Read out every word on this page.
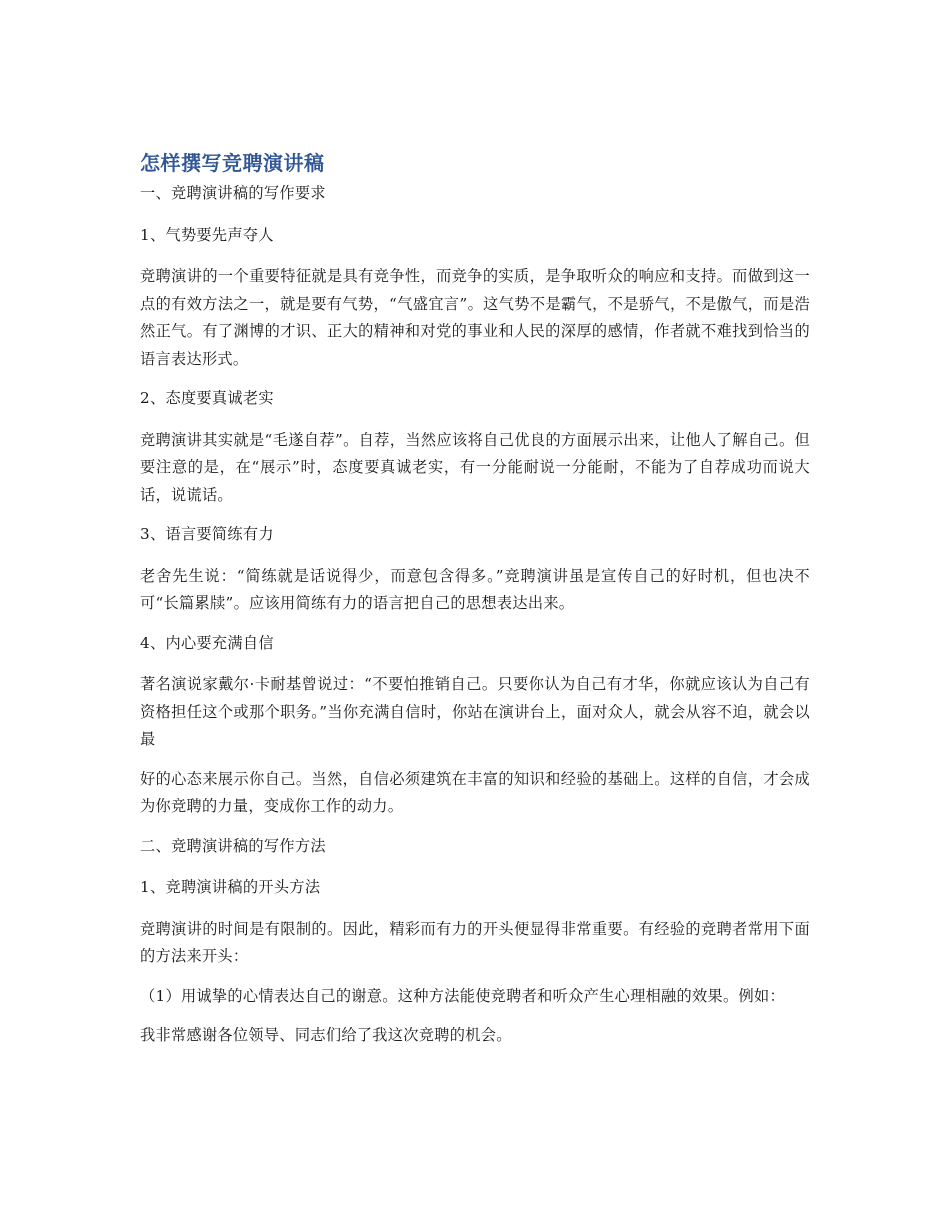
怎样撰写竞聘演讲稿

一、竞聘演讲稿的写作要求

1、气势要先声夺人

竞聘演讲的一个重要特征就是具有竞争性，而竞争的实质，是争取听众的响应和支持。而做到这一点的有效方法之一，就是要有气势，“气盛宜言”。这气势不是霸气，不是骄气，不是傲气，而是浩然正气。有了渊博的才识、正大的精神和对党的事业和人民的深厚的感情，作者就不难找到恰当的语言表达形式。

2、态度要真诚老实

竞聘演讲其实就是“毛遂自荐”。自荐，当然应该将自己优良的方面展示出来，让他人了解自己。但要注意的是，在“展示”时，态度要真诚老实，有一分能耐说一分能耐，不能为了自荐成功而说大话，说谎话。

3、语言要简练有力

老舍先生说：“简练就是话说得少，而意包含得多。”竞聘演讲虽是宣传自己的好时机，但也决不可“长篇累牍”。应该用简练有力的语言把自己的思想表达出来。

4、内心要充满自信

著名演说家戴尔·卡耐基曾说过：“不要怕推销自己。只要你认为自己有才华，你就应该认为自己有资格担任这个或那个职务。”当你充满自信时，你站在演讲台上，面对众人，就会从容不迫，就会以最

好的心态来展示你自己。当然，自信必须建筑在丰富的知识和经验的基础上。这样的自信，才会成为你竞聘的力量，变成你工作的动力。

二、竞聘演讲稿的写作方法

1、竞聘演讲稿的开头方法

竞聘演讲的时间是有限制的。因此，精彩而有力的开头便显得非常重要。有经验的竞聘者常用下面的方法来开头：

（1）用诚挚的心情表达自己的谢意。这种方法能使竞聘者和听众产生心理相融的效果。例如：

我非常感谢各位领导、同志们给了我这次竞聘的机会。
